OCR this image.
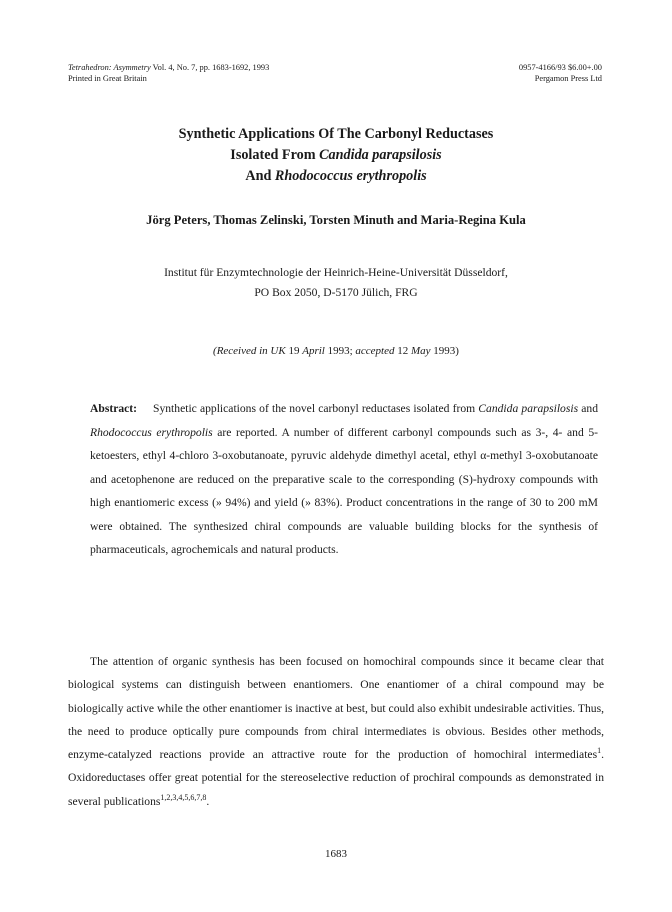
Tetrahedron: Asymmetry Vol. 4, No. 7, pp. 1683-1692, 1993
Printed in Great Britain
0957-4166/93 $6.00+.00
Pergamon Press Ltd
Synthetic Applications Of The Carbonyl Reductases
Isolated From Candida parapsilosis
And Rhodococcus erythropolis
Jörg Peters, Thomas Zelinski, Torsten Minuth and Maria-Regina Kula
Institut für Enzymtechnologie der Heinrich-Heine-Universität Düsseldorf,
PO Box 2050, D-5170 Jülich, FRG
(Received in UK 19 April 1993; accepted 12 May 1993)
Abstract: Synthetic applications of the novel carbonyl reductases isolated from Candida parapsilosis and Rhodococcus erythropolis are reported. A number of different carbonyl compounds such as 3-, 4- and 5-ketoesters, ethyl 4-chloro 3-oxobutanoate, pyruvic aldehyde dimethyl acetal, ethyl α-methyl 3-oxobutanoate and acetophenone are reduced on the preparative scale to the corresponding (S)-hydroxy compounds with high enantiomeric excess (» 94%) and yield (» 83%). Product concentrations in the range of 30 to 200 mM were obtained. The synthesized chiral compounds are valuable building blocks for the synthesis of pharmaceuticals, agrochemicals and natural products.
The attention of organic synthesis has been focused on homochiral compounds since it became clear that biological systems can distinguish between enantiomers. One enantiomer of a chiral compound may be biologically active while the other enantiomer is inactive at best, but could also exhibit undesirable activities. Thus, the need to produce optically pure compounds from chiral intermediates is obvious. Besides other methods, enzyme-catalyzed reactions provide an attractive route for the production of homochiral intermediates$^1$. Oxidoreductases offer great potential for the stereoselective reduction of prochiral compounds as demonstrated in several publications$^{1,2,3,4,5,6,7,8}$.
1683
